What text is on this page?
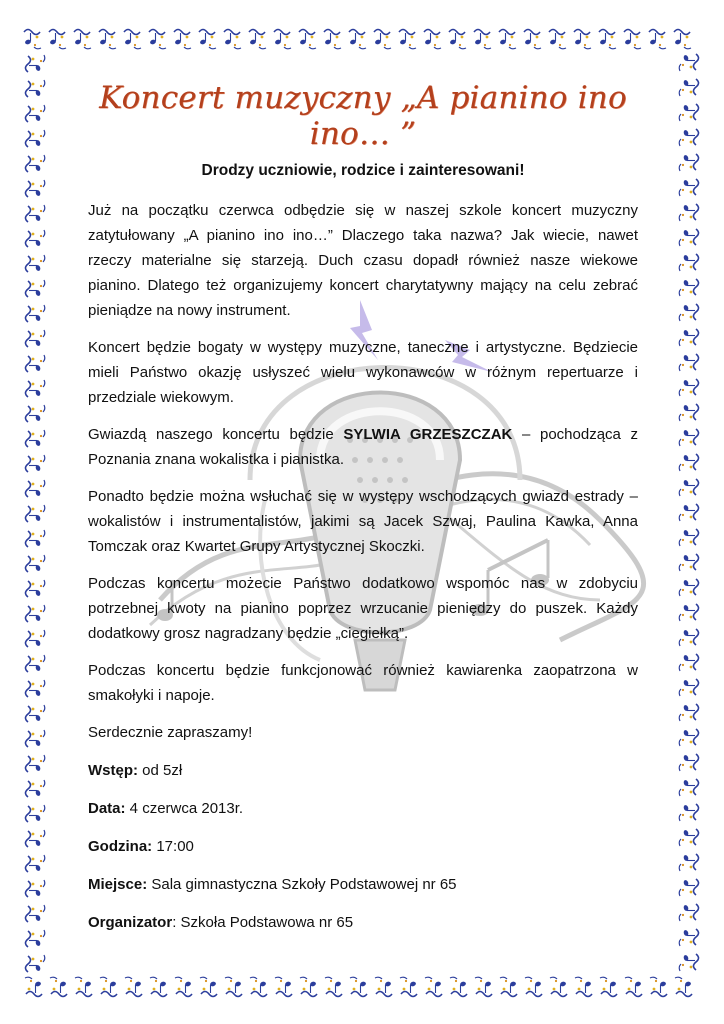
Koncert muzyczny „A pianino ino ino… ”
Drodzy uczniowie, rodzice i zainteresowani!

Już na początku czerwca odbędzie się w naszej szkole koncert muzyczny zatytułowany „A pianino ino ino…” Dlaczego taka nazwa? Jak wiecie, nawet rzeczy materialne się starzeją. Duch czasu dopadł również nasze wiekowe pianino. Dlatego też organizujemy koncert charytatywny mający na celu zebrać pieniądze na nowy instrument.

Koncert będzie bogaty w występy muzyczne, taneczne i artystyczne. Będziecie mieli Państwo okazję usłyszeć wielu wykonawców w różnym repertuarze i przedziale wiekowym.

Gwiazdą naszego koncertu będzie SYLWIA GRZESZCZAK – pochodząca z Poznania znana wokalistka i pianistka.

Ponadto będzie można wsłuchać się w występy wschodzących gwiazd estrady – wokalistów i instrumentalistów, jakimi są Jacek Szwaj, Paulina Kawka, Anna Tomczak oraz Kwartet Grupy Artystycznej Skoczki.

Podczas koncertu możecie Państwo dodatkowo wspomóc nas w zdobyciu potrzebnej kwoty na pianino poprzez wrzucanie pieniędzy do puszek. Każdy dodatkowy grosz nagradzany będzie „ciegiełką”.

Podczas koncertu będzie funkcjonować również kawiarenka zaopatrzona w smakołyki i napoje.

Serdecznie zapraszamy!

Wstęp: od 5zł

Data: 4 czerwca 2013r.

Godzina: 17:00

Miejsce: Sala gimnastyczna Szkoły Podstawowej nr 65

Organizator: Szkoła Podstawowa nr 65
